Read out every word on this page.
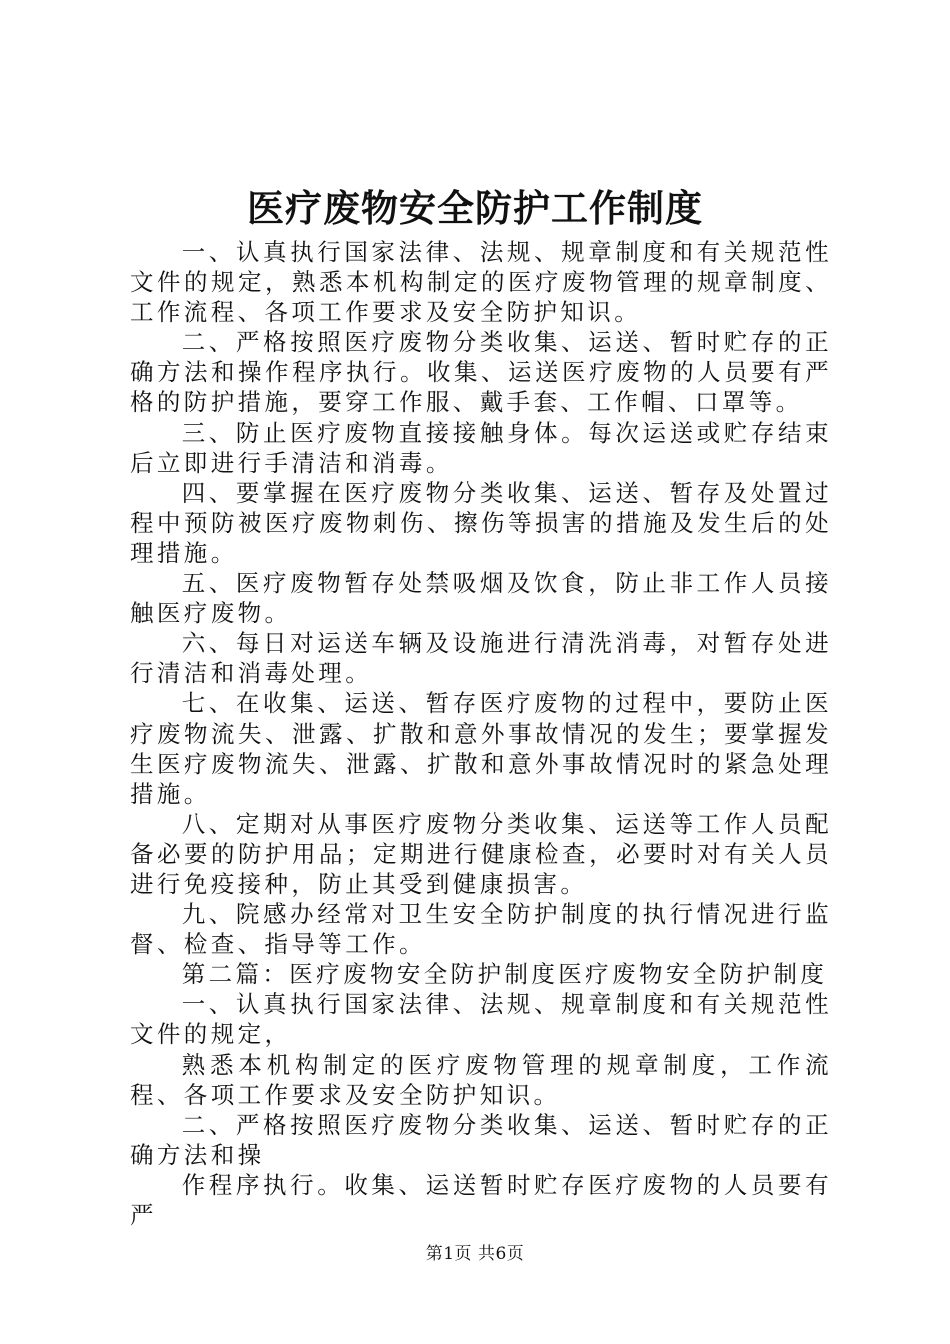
医疗废物安全防护工作制度

一、认真执行国家法律、法规、规章制度和有关规范性文件的规定，熟悉本机构制定的医疗废物管理的规章制度、工作流程、各项工作要求及安全防护知识。

二、严格按照医疗废物分类收集、运送、暂时贮存的正确方法和操作程序执行。收集、运送医疗废物的人员要有严格的防护措施，要穿工作服、戴手套、工作帽、口罩等。

三、防止医疗废物直接接触身体。每次运送或贮存结束后立即进行手清洁和消毒。

四、要掌握在医疗废物分类收集、运送、暂存及处置过程中预防被医疗废物刺伤、擦伤等损害的措施及发生后的处理措施。

五、医疗废物暂存处禁吸烟及饮食，防止非工作人员接触医疗废物。

六、每日对运送车辆及设施进行清洗消毒，对暂存处进行清洁和消毒处理。

七、在收集、运送、暂存医疗废物的过程中，要防止医疗废物流失、泄露、扩散和意外事故情况的发生；要掌握发生医疗废物流失、泄露、扩散和意外事故情况时的紧急处理措施。

八、定期对从事医疗废物分类收集、运送等工作人员配备必要的防护用品；定期进行健康检查，必要时对有关人员进行免疫接种，防止其受到健康损害。

九、院感办经常对卫生安全防护制度的执行情况进行监督、检查、指导等工作。

第二篇：医疗废物安全防护制度医疗废物安全防护制度

一、认真执行国家法律、法规、规章制度和有关规范性文件的规定，

熟悉本机构制定的医疗废物管理的规章制度，工作流程、各项工作要求及安全防护知识。

二、严格按照医疗废物分类收集、运送、暂时贮存的正确方法和操

作程序执行。收集、运送暂时贮存医疗废物的人员要有严

第1页 共6页
